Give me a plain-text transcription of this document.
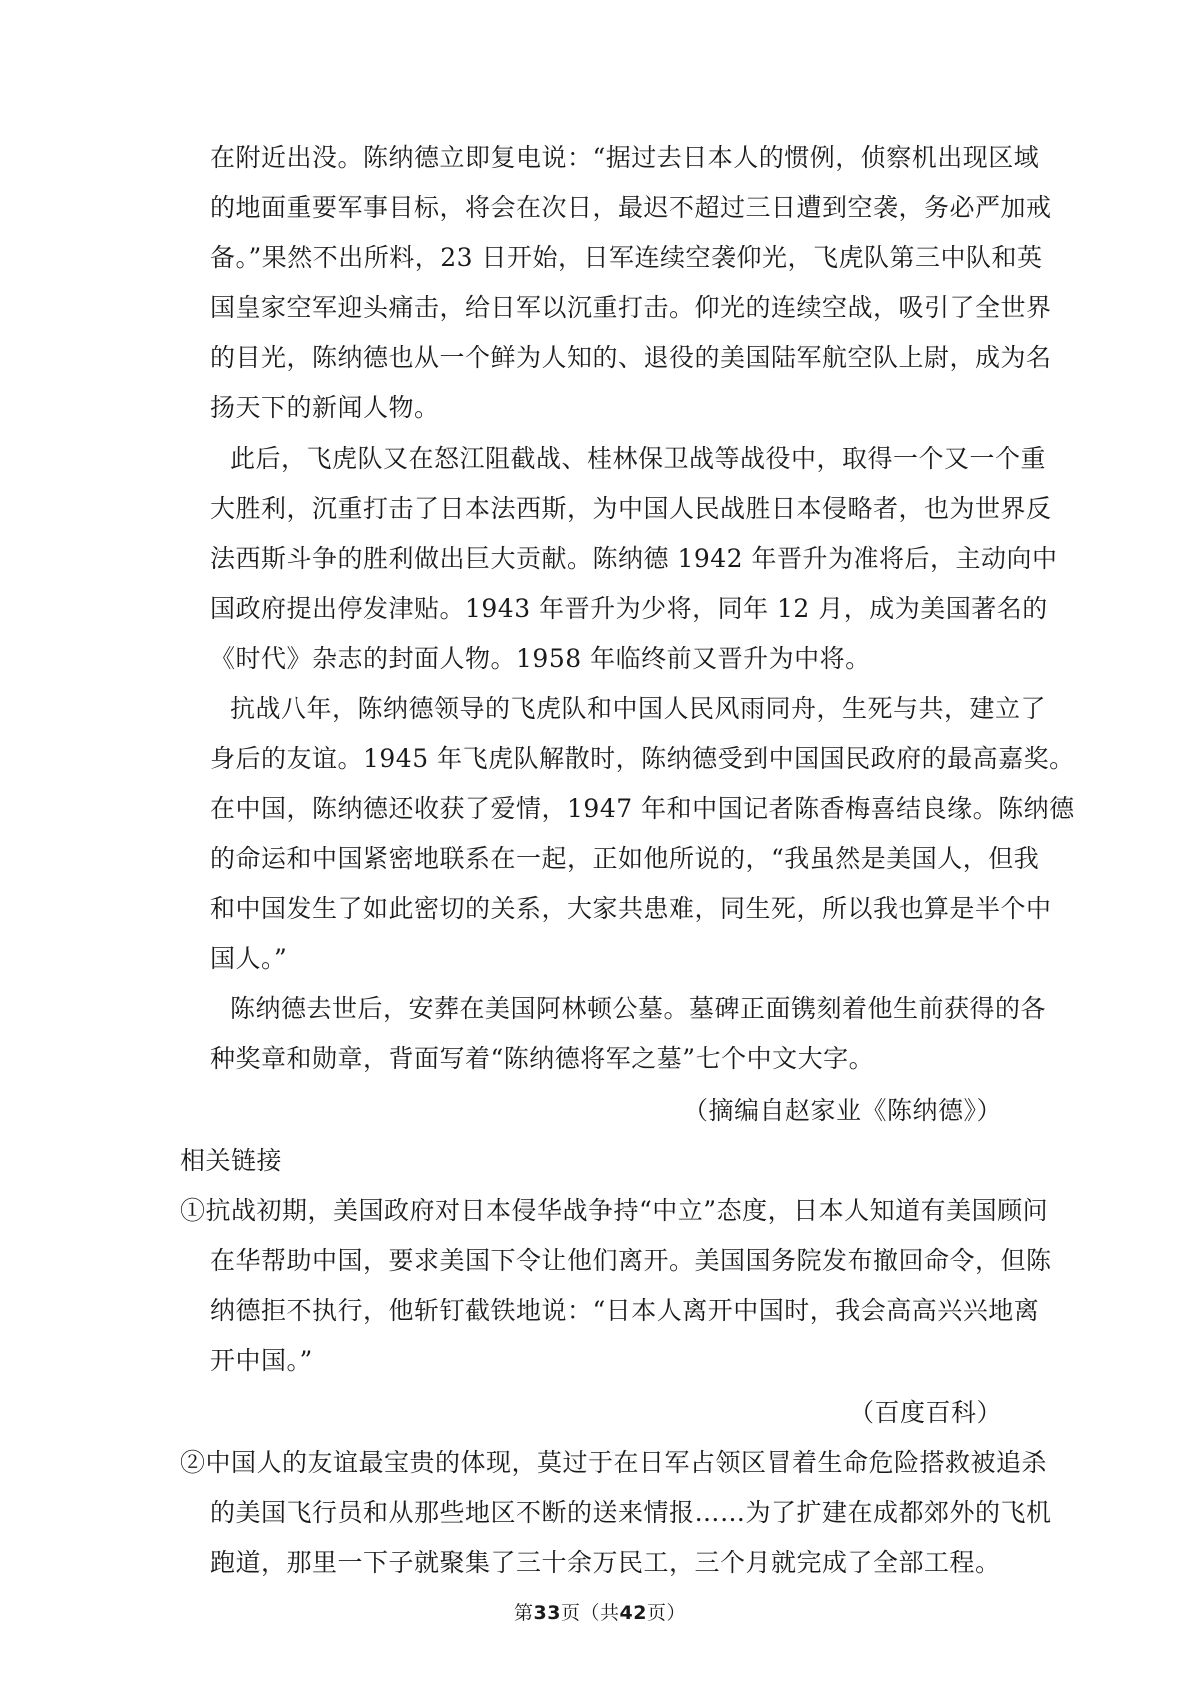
在附近出没。陈纳德立即复电说：“据过去日本人的惯例，侦察机出现区域
的地面重要军事目标，将会在次日，最迟不超过三日遭到空袭，务必严加戒
备。”果然不出所料，23 日开始，日军连续空袭仰光，飞虎队第三中队和英
国皇家空军迎头痛击，给日军以沉重打击。仰光的连续空战，吸引了全世界
的目光，陈纳德也从一个鲜为人知的、退役的美国陆军航空队上尉，成为名
扬天下的新闻人物。
此后，飞虎队又在怒江阻截战、桂林保卫战等战役中，取得一个又一个重
大胜利，沉重打击了日本法西斯，为中国人民战胜日本侵略者，也为世界反
法西斯斗争的胜利做出巨大贡献。陈纳德 1942 年晋升为准将后，主动向中
国政府提出停发津贴。1943 年晋升为少将，同年 12 月，成为美国著名的
《时代》杂志的封面人物。1958 年临终前又晋升为中将。
抗战八年，陈纳德领导的飞虎队和中国人民风雨同舟，生死与共，建立了
身后的友谊。1945 年飞虎队解散时，陈纳德受到中国国民政府的最高嘉奖。
在中国，陈纳德还收获了爱情，1947 年和中国记者陈香梅喜结良缘。陈纳德
的命运和中国紧密地联系在一起，正如他所说的，“我虽然是美国人，但我
和中国发生了如此密切的关系，大家共患难，同生死，所以我也算是半个中
国人。”
陈纳德去世后，安葬在美国阿林顿公墓。墓碑正面镌刻着他生前获得的各
种奖章和勋章，背面写着“陈纳德将军之墓”七个中文大字。
（摘编自赵家业《陈纳德》）
相关链接
①抗战初期，美国政府对日本侵华战争持“中立”态度，日本人知道有美国顾问
在华帮助中国，要求美国下令让他们离开。美国国务院发布撤回命令，但陈
纳德拒不执行，他斩钉截铁地说：“日本人离开中国时，我会高高兴兴地离
开中国。”
（百度百科）
②中国人的友谊最宝贵的体现，莫过于在日军占领区冒着生命危险搭救被追杀
的美国飞行员和从那些地区不断的送来情报……为了扩建在成都郊外的飞机
跑道，那里一下子就聚集了三十余万民工，三个月就完成了全部工程。
第33页（共42页）
